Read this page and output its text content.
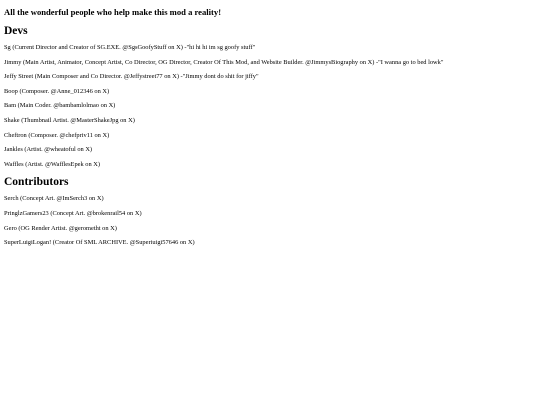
All the wonderful people who help make this mod a reality!
Devs
Sg (Current Director and Creator of SG.EXE. @SgsGoofyStuff on X) -"hi hi hi im sg goofy stuff"
Jimmy (Main Artist, Animator, Concept Artist, Co Director, OG Director, Creator Of This Mod, and Website Builder. @JimmysBiography on X) -"I wanna go to bed lowk"
Jeffy Street (Main Composer and Co Director. @Jeffystreet77 on X) -"Jimmy dont do shit for jiffy"
Boop (Composer. @Anne_012346 on X)
Bam (Main Coder. @bambamlolmao on X)
Shake (Thumbnail Artist. @MasterShakeJpg on X)
Cheftron (Composer. @chefpriv11 on X)
Jankles (Artist. @wheatoful on X)
Waffles (Artist. @WafflesEpek on X)
Contributors
Serch (Concept Art. @ImSerch3 on X)
PringlzGamers23 (Concept Art. @brokenrail54 on X)
Gero (OG Render Artist. @gerometht on X)
SuperLuigiLogan! (Creator Of SML ARCHIVE. @Superiuigi57646 on X)
